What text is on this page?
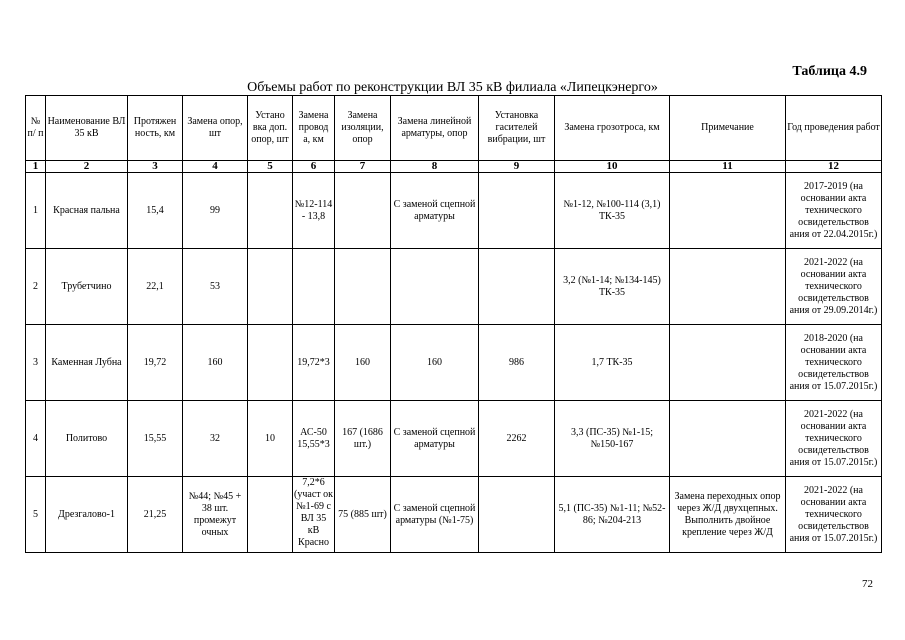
Таблица 4.9
Объемы работ по реконструкции ВЛ 35 кВ филиала «Липецкэнерго»
№ п/ п	Наименование ВЛ 35 кВ	Протяжен ность, км	Замена опор, шт	Устано вка доп. опор, шт	Замена провод а, км	Замена изоляции, опор	Замена линейной арматуры, опор	Установка гасителей вибрации, шт	Замена грозотроса, км	Примечание	Год проведения работ
1	2	3	4	5	6	7	8	9	10	11	12
1	Красная пальна	15,4	99		№12-114 - 13,8		С заменой сцепной арматуры		№1-12, №100-114 (3,1) ТК-35		2017-2019 (на основании акта технического освидетельствов ания от 22.04.2015г.)
2	Трубетчино	22,1	53						3,2 (№1-14; №134-145) ТК-35		2021-2022 (на основании акта технического освидетельствов ания от 29.09.2014г.)
3	Каменная Лубна	19,72	160		19,72*3	160	160	986	1,7 ТК-35		2018-2020 (на основании акта технического освидетельствов ания от 15.07.2015г.)
4	Политово	15,55	32	10	АС-50 15,55*3	167 (1686 шт.)	С заменой сцепной арматуры	2262	3,3 (ПС-35) №1-15; №150-167		2021-2022 (на основании акта технического освидетельствов ания от 15.07.2015г.)
5	Дрезгалово-1	21,25	№44; №45 + 38 шт. промежут очных		7,2*6 (участ ок №1-69 с ВЛ 35 кВ Красно	75 (885 шт)	С заменой сцепной арматуры (№1-75)		5,1 (ПС-35) №1-11; №52-86; №204-213	Замена переходных опор через Ж/Д двухцепных. Выполнить двойное крепление через Ж/Д	2021-2022 (на основании акта технического освидетельствов ания от 15.07.2015г.)
72
